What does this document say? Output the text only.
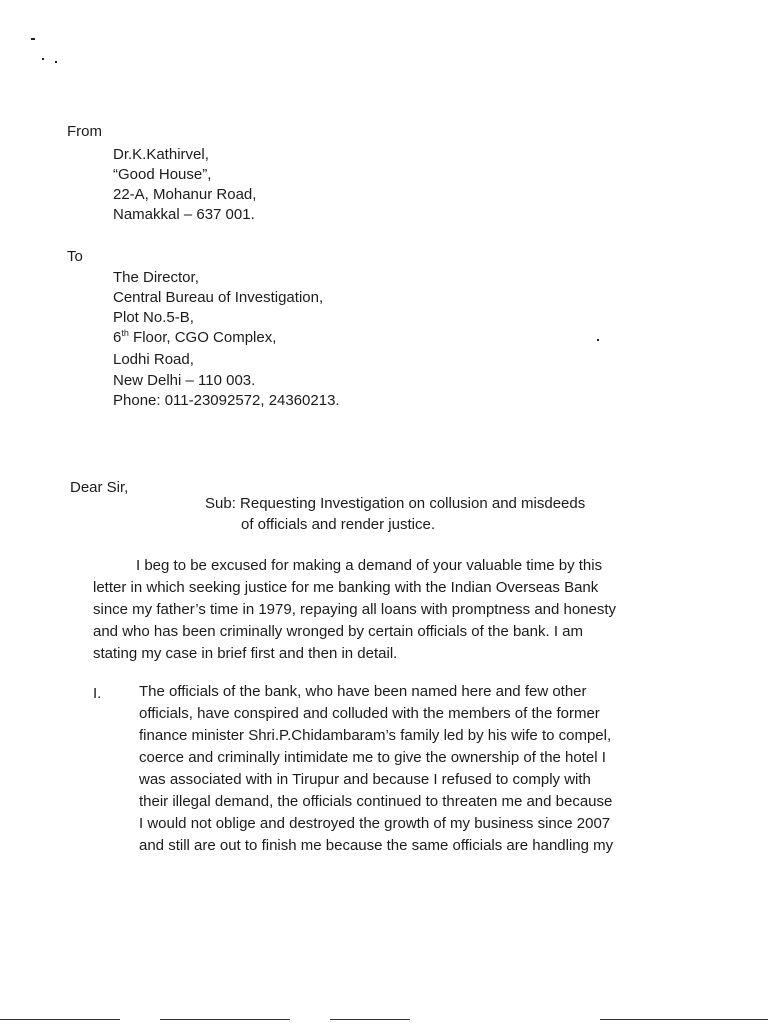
From
Dr.K.Kathirvel,
“Good House”,
22-A, Mohanur Road,
Namakkal – 637 001.
To
The Director,
Central Bureau of Investigation,
Plot No.5-B,
6th Floor, CGO Complex,
Lodhi Road,
New Delhi – 110 003.
Phone: 011-23092572, 24360213.
Dear Sir,
Sub: Requesting Investigation on collusion and misdeeds
of officials and render justice.
I beg to be excused for making a demand of your valuable time by this
letter in which seeking justice for me banking with the Indian Overseas Bank
since my father’s time in 1979, repaying all loans with promptness and honesty
and who has been criminally wronged by certain officials of the bank. I am
stating my case in brief first and then in detail.
I.	The officials of the bank, who have been named here and few other
officials, have conspired and colluded with the members of the former
finance minister Shri.P.Chidambaram’s family led by his wife to compel,
coerce and criminally intimidate me to give the ownership of the hotel I
was associated with in Tirupur and because I refused to comply with
their illegal demand, the officials continued to threaten me and because
I would not oblige and destroyed the growth of my business since 2007
and still are out to finish me because the same officials are handling my
